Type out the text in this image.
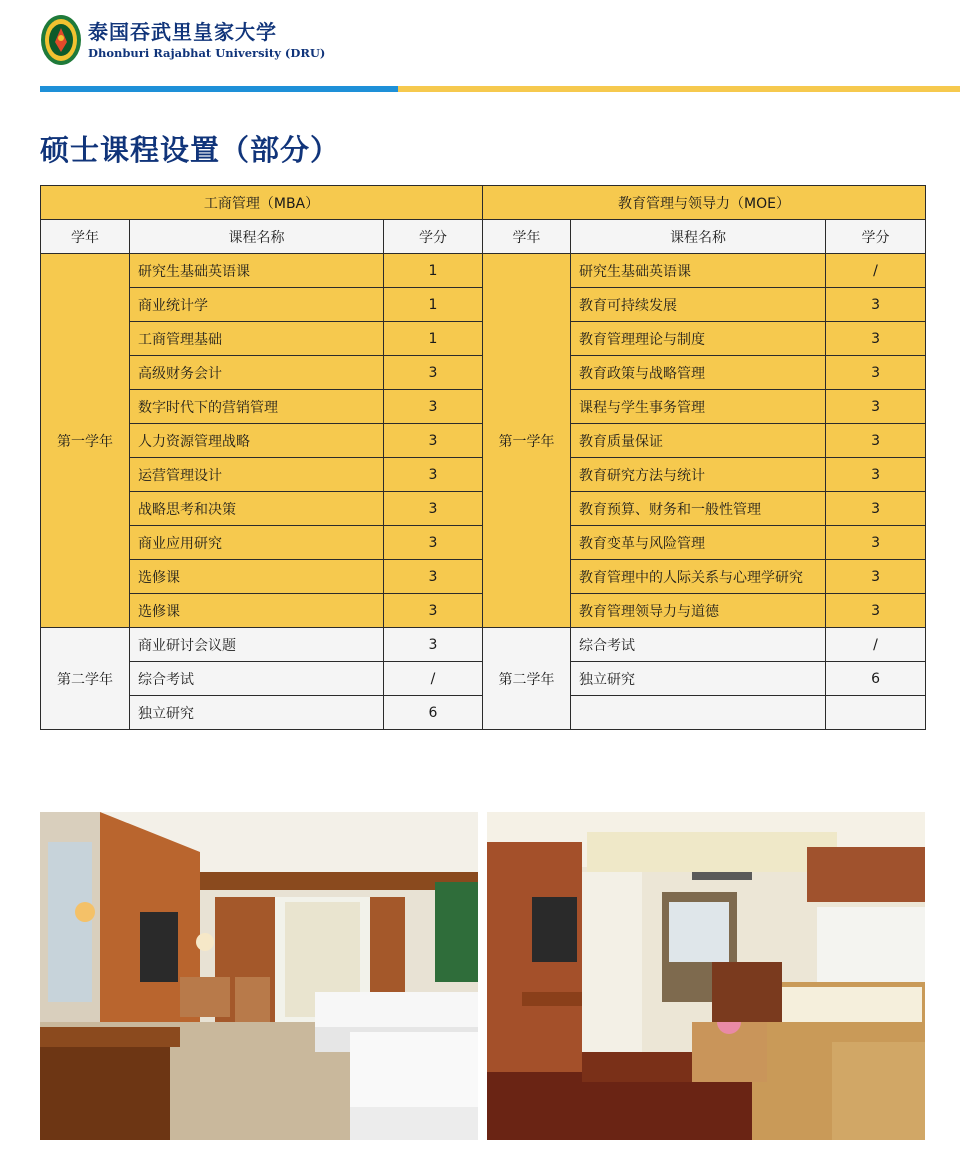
泰国吞武里皇家大学
Dhonburi Rajabhat University (DRU)
硕士课程设置（部分）
工商管理（MBA）			教育管理与领导力（MOE）		
学年	课程名称	学分	学年	课程名称	学分
第一学年	研究生基础英语课	1	第一学年	研究生基础英语课	/
	商业统计学	1		教育可持续发展	3
	工商管理基础	1		教育管理理论与制度	3
	高级财务会计	3		教育政策与战略管理	3
	数字时代下的营销管理	3		课程与学生事务管理	3
	人力资源管理战略	3		教育质量保证	3
	运营管理设计	3		教育研究方法与统计	3
	战略思考和决策	3		教育预算、财务和一般性管理	3
	商业应用研究	3		教育变革与风险管理	3
	选修课	3		教育管理中的人际关系与心理学研究	3
	选修课	3		教育管理领导力与道德	3
第二学年	商业研讨会议题	3	第二学年	综合考试	/
	综合考试	/		独立研究	6
	独立研究	6			
